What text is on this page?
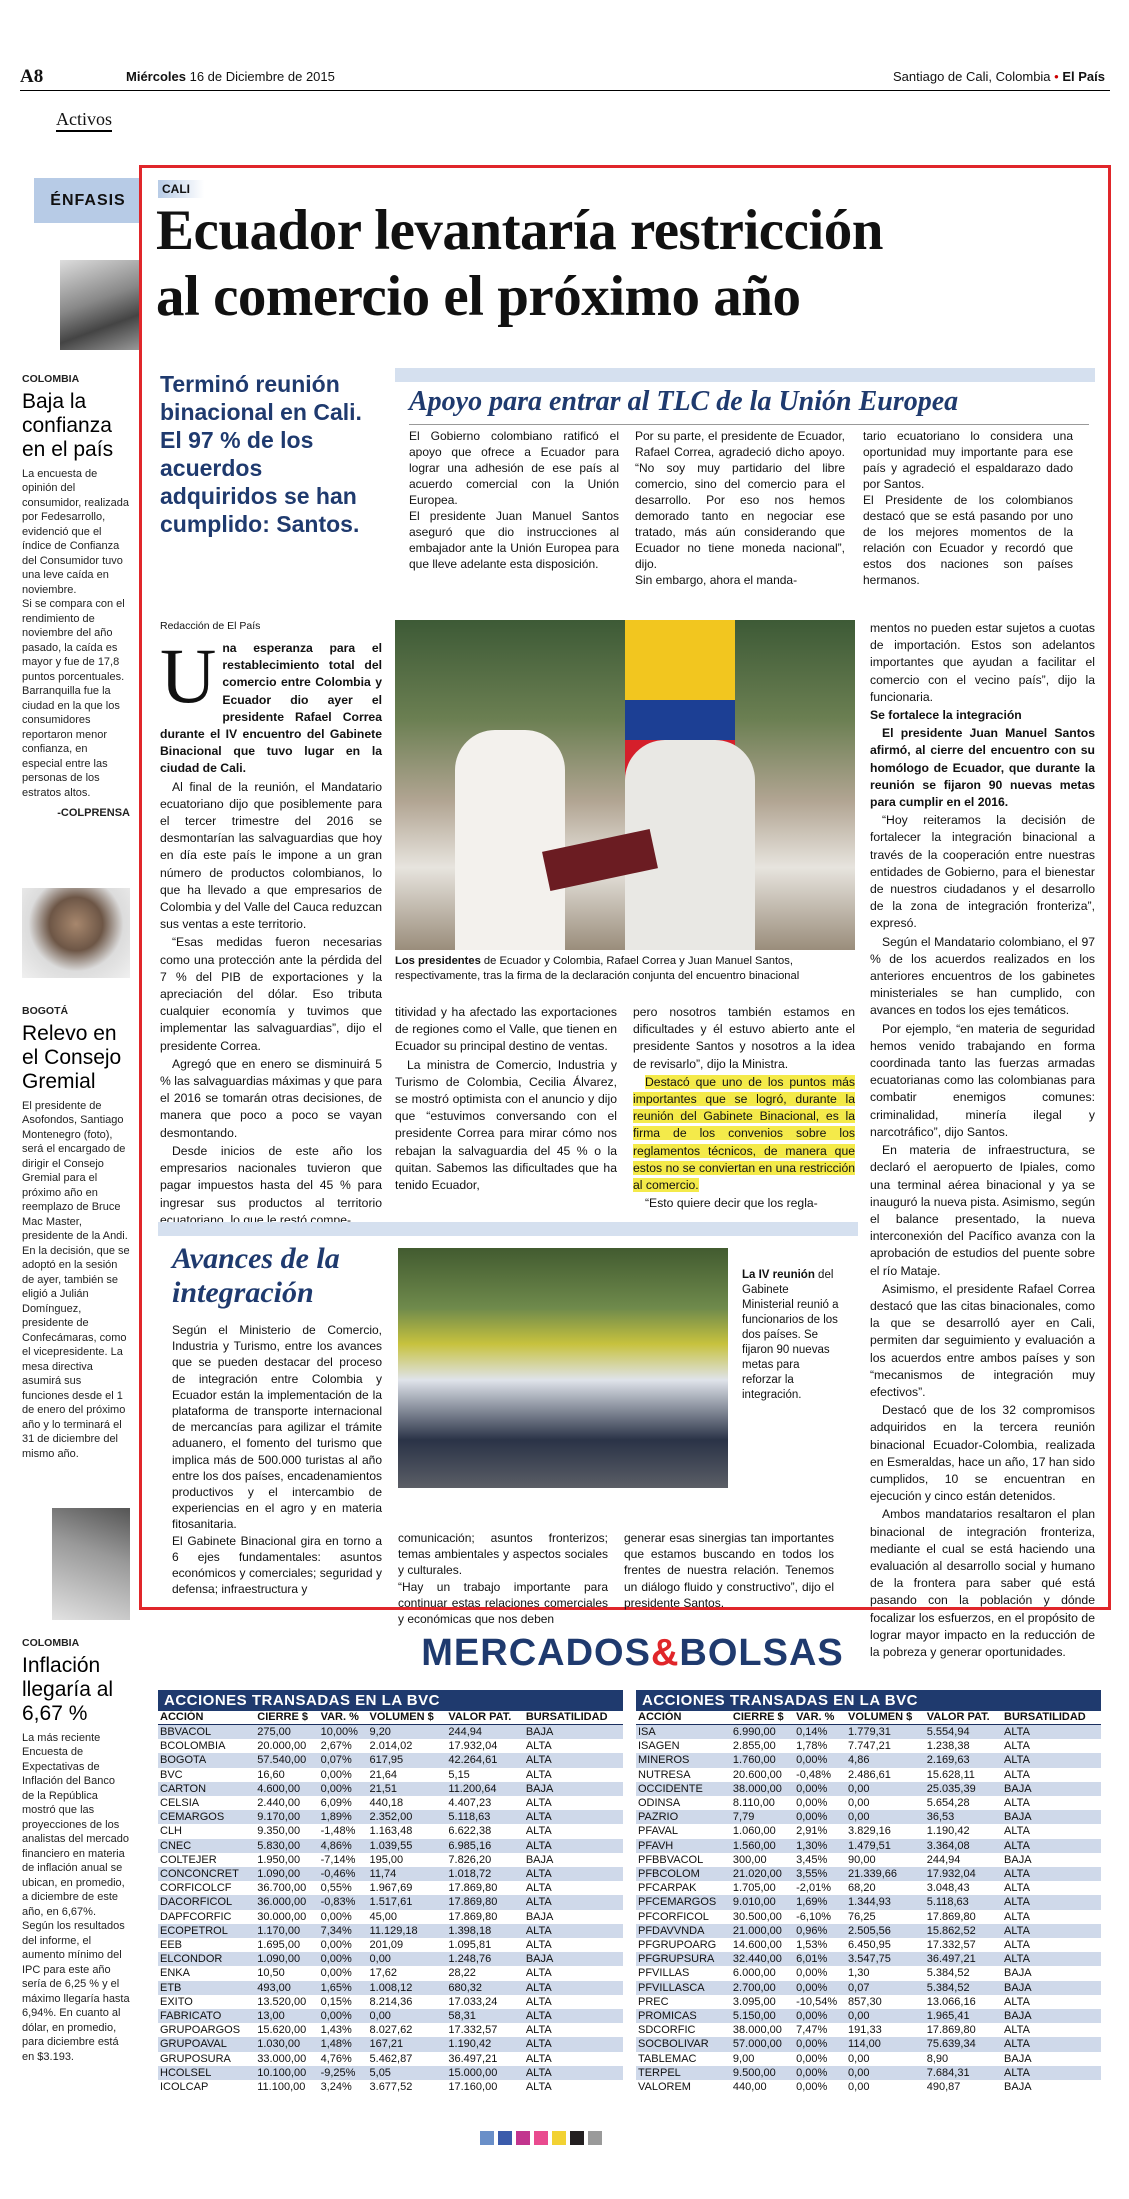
A8	Miércoles 16 de Diciembre de 2015	Santiago de Cali, Colombia • El País
Activos
ÉNFASIS
COLOMBIA
Baja la confianza en el país
La encuesta de opinión del consumidor, realizada por Fedesarrollo, evidenció que el índice de Confianza del Consumidor tuvo una leve caída en noviembre.
Si se compara con el rendimiento de noviembre del año pasado, la caída es mayor y fue de 17,8 puntos porcentuales.
Barranquilla fue la ciudad en la que los consumidores reportaron menor confianza, en especial entre las personas de los estratos altos.
-COLPRENSA
BOGOTÁ
Relevo en el Consejo Gremial
El presidente de Asofondos, Santiago Montenegro (foto), será el encargado de dirigir el Consejo Gremial para el próximo año en reemplazo de Bruce Mac Master, presidente de la Andi. En la decisión, que se adoptó en la sesión de ayer, también se eligió a Julián Domínguez, presidente de Confecámaras, como el vicepresidente. La mesa directiva asumirá sus funciones desde el 1 de enero del próximo año y lo terminará el 31 de diciembre del mismo año.
COLOMBIA
Inflación llegaría al 6,67 %
La más reciente Encuesta de Expectativas de Inflación del Banco de la República mostró que las proyecciones de los analistas del mercado financiero en materia de inflación anual se ubican, en promedio, a diciembre de este año, en 6,67%. Según los resultados del informe, el aumento mínimo del IPC para este año sería de 6,25 % y el máximo llegaría hasta 6,94%. En cuanto al dólar, en promedio, para diciembre está en $3.193.
CALI
Ecuador levantaría restricción
al comercio el próximo año
Terminó reunión binacional en Cali. El 97 % de los acuerdos adquiridos se han cumplido: Santos.
Apoyo para entrar al TLC de la Unión Europea
El Gobierno colombiano ratificó el apoyo que ofrece a Ecuador para lograr una adhesión de ese país al acuerdo comercial con la Unión Europea.
El presidente Juan Manuel Santos aseguró que dio instrucciones al embajador ante la Unión Europea para que lleve adelante esta disposición.
Por su parte, el presidente de Ecuador, Rafael Correa, agradeció dicho apoyo. “No soy muy partidario del libre comercio, sino del comercio para el desarrollo. Por eso nos hemos demorado tanto en negociar ese tratado, más aún considerando que Ecuador no tiene moneda nacional”, dijo.
Sin embargo, ahora el manda-
tario ecuatoriano lo considera una oportunidad muy importante para ese país y agradeció el espaldarazo dado por Santos.
El Presidente de los colombianos destacó que se está pasando por uno de los mejores momentos de la relación con Ecuador y recordó que estos dos naciones son países hermanos.
Redacción de El País
U na esperanza para el restablecimiento total del comercio entre Colombia y Ecuador dio ayer el presidente Rafael Correa durante el IV encuentro del Gabinete Binacional que tuvo lugar en la ciudad de Cali.

Al final de la reunión, el Mandatario ecuatoriano dijo que posiblemente para el tercer trimestre del 2016 se desmontarían las salvaguardias que hoy en día este país le impone a un gran número de productos colombianos, lo que ha llevado a que empresarios de Colombia y del Valle del Cauca reduzcan sus ventas a este territorio.

“Esas medidas fueron necesarias como una protección ante la pérdida del 7 % del PIB de exportaciones y la apreciación del dólar. Eso tributa cualquier economía y tuvimos que implementar las salvaguardias”, dijo el presidente Correa.

Agregó que en enero se disminuirá 5 % las salvaguardias máximas y que para el 2016 se tomarán otras decisiones, de manera que poco a poco se vayan desmontando.

Desde inicios de este año los empresarios nacionales tuvieron que pagar impuestos hasta del 45 % para ingresar sus productos al territorio ecuatoriano, lo que le restó compe-

JOSÉ LUIS GUZMÁN | EL PAÍS
Los presidentes de Ecuador y Colombia, Rafael Correa y Juan Manuel Santos, respectivamente, tras la firma de la declaración conjunta del encuentro binacional

titividad y ha afectado las exportaciones de regiones como el Valle, que tienen en Ecuador su principal destino de ventas.

La ministra de Comercio, Industria y Turismo de Colombia, Cecilia Álvarez, se mostró optimista con el anuncio y dijo que “estuvimos conversando con el presidente Correa para mirar cómo nos rebajan la salvaguardia del 45 % o la quitan. Sabemos las dificultades que ha tenido Ecuador,

pero nosotros también estamos en dificultades y él estuvo abierto ante el presidente Santos y nosotros a la idea de revisarlo”, dijo la Ministra.

Destacó que uno de los puntos más importantes que se logró, durante la reunión del Gabinete Binacional, es la firma de los convenios sobre los reglamentos técnicos, de manera que estos no se conviertan en una restricción al comercio.

“Esto quiere decir que los regla-

mentos no pueden estar sujetos a cuotas de importación. Estos son adelantos importantes que ayudan a facilitar el comercio con el vecino país”, dijo la funcionaria.

Se fortalece la integración

El presidente Juan Manuel Santos afirmó, al cierre del encuentro con su homólogo de Ecuador, que durante la reunión se fijaron 90 nuevas metas para cumplir en el 2016.

“Hoy reiteramos la decisión de fortalecer la integración binacional a través de la cooperación entre nuestras entidades de Gobierno, para el bienestar de nuestros ciudadanos y el desarrollo de la zona de integración fronteriza”, expresó.

Según el Mandatario colombiano, el 97 % de los acuerdos realizados en los anteriores encuentros de los gabinetes ministeriales se han cumplido, con avances en todos los ejes temáticos.

Por ejemplo, “en materia de seguridad hemos venido trabajando en forma coordinada tanto las fuerzas armadas ecuatorianas como las colombianas para combatir enemigos comunes: criminalidad, minería ilegal y narcotráfico”, dijo Santos.

En materia de infraestructura, se declaró el aeropuerto de Ipiales, como una terminal aérea binacional y ya se inauguró la nueva pista. Asimismo, según el balance presentado, la nueva interconexión del Pacífico avanza con la aprobación de estudios del puente sobre el río Mataje.

Asimismo, el presidente Rafael Correa destacó que las citas binacionales, como la que se desarrolló ayer en Cali, permiten dar seguimiento y evaluación a los acuerdos entre ambos países y son “mecanismos de integración muy efectivos”.

Destacó que de los 32 compromisos adquiridos en la tercera reunión binacional Ecuador-Colombia, realizada en Esmeraldas, hace un año, 17 han sido cumplidos, 10 se encuentran en ejecución y cinco están detenidos.

Ambos mandatarios resaltaron el plan binacional de integración fronteriza, mediante el cual se está haciendo una evaluación al desarrollo social y humano de la frontera para saber qué está pasando con la población y dónde focalizar los esfuerzos, en el propósito de lograr mayor impacto en la reducción de la pobreza y generar oportunidades.

Avances de la
integración
Según el Ministerio de Comercio, Industria y Turismo, entre los avances que se pueden destacar del proceso de integración entre Colombia y Ecuador están la implementación de la plataforma de transporte internacional de mercancías para agilizar el trámite aduanero, el fomento del turismo que implica más de 500.000 turistas al año entre los dos países, encadenamientos productivos y el intercambio de experiencias en el agro y en materia fitosanitaria.
El Gabinete Binacional gira en torno a 6 ejes fundamentales: asuntos económicos y comerciales; seguridad y defensa; infraestructura y
JOSÉ LUIS GUZMÁN | EL PAÍS
La IV reunión del Gabinete Ministerial reunió a funcionarios de los dos países. Se fijaron 90 nuevas metas para reforzar la integración.
comunicación; asuntos fronterizos; temas ambientales y aspectos sociales y culturales.
“Hay un trabajo importante para continuar estas relaciones comerciales y económicas que nos deben
generar esas sinergias tan importantes que estamos buscando en todos los frentes de nuestra relación. Tenemos un diálogo fluido y constructivo”, dijo el presidente Santos.
MERCADOS&BOLSAS
ACCIONES TRANSADAS EN LA BVC
ACCIÓN	CIERRE $	VAR. %	VOLUMEN $	VALOR PAT.	BURSATILIDAD
BBVACOL	275,00	10,00%	9,20	244,94	BAJA
BCOLOMBIA	20.000,00	2,67%	2.014,02	17.932,04	ALTA
BOGOTA	57.540,00	0,07%	617,95	42.264,61	ALTA
BVC	16,60	0,00%	21,64	5,15	ALTA
CARTON	4.600,00	0,00%	21,51	11.200,64	BAJA
CELSIA	2.440,00	6,09%	440,18	4.407,23	ALTA
CEMARGOS	9.170,00	1,89%	2.352,00	5.118,63	ALTA
CLH	9.350,00	-1,48%	1.163,48	6.622,38	ALTA
CNEC	5.830,00	4,86%	1.039,55	6.985,16	ALTA
COLTEJER	1.950,00	-7,14%	195,00	7.826,20	BAJA
CONCONCRET	1.090,00	-0,46%	11,74	1.018,72	ALTA
CORFICOLCF	36.700,00	0,55%	1.967,69	17.869,80	ALTA
DACORFICOL	36.000,00	-0,83%	1.517,61	17.869,80	ALTA
DAPFCORFIC	30.000,00	0,00%	45,00	17.869,80	BAJA
ECOPETROL	1.170,00	7,34%	11.129,18	1.398,18	ALTA
EEB	1.695,00	0,00%	201,09	1.095,81	ALTA
ELCONDOR	1.090,00	0,00%	0,00	1.248,76	BAJA
ENKA	10,50	0,00%	17,62	28,22	ALTA
ETB	493,00	1,65%	1.008,12	680,32	ALTA
EXITO	13.520,00	0,15%	8.214,36	17.033,24	ALTA
FABRICATO	13,00	0,00%	0,00	58,31	ALTA
GRUPOARGOS	15.620,00	1,43%	8.027,62	17.332,57	ALTA
GRUPOAVAL	1.030,00	1,48%	167,21	1.190,42	ALTA
GRUPOSURA	33.000,00	4,76%	5.462,87	36.497,21	ALTA
HCOLSEL	10.100,00	-9,25%	5,05	15.000,00	ALTA
ICOLCAP	11.100,00	3,24%	3.677,52	17.160,00	ALTA
ACCIONES TRANSADAS EN LA BVC
ACCIÓN	CIERRE $	VAR. %	VOLUMEN $	VALOR PAT.	BURSATILIDAD
ISA	6.990,00	0,14%	1.779,31	5.554,94	ALTA
ISAGEN	2.855,00	1,78%	7.747,21	1.238,38	ALTA
MINEROS	1.760,00	0,00%	4,86	2.169,63	ALTA
NUTRESA	20.600,00	-0,48%	2.486,61	15.628,11	ALTA
OCCIDENTE	38.000,00	0,00%	0,00	25.035,39	BAJA
ODINSA	8.110,00	0,00%	0,00	5.654,28	ALTA
PAZRIO	7,79	0,00%	0,00	36,53	BAJA
PFAVAL	1.060,00	2,91%	3.829,16	1.190,42	ALTA
PFAVH	1.560,00	1,30%	1.479,51	3.364,08	ALTA
PFBBVACOL	300,00	3,45%	90,00	244,94	BAJA
PFBCOLOM	21.020,00	3,55%	21.339,66	17.932,04	ALTA
PFCARPAK	1.705,00	-2,01%	68,20	3.048,43	ALTA
PFCEMARGOS	9.010,00	1,69%	1.344,93	5.118,63	ALTA
PFCORFICOL	30.500,00	-6,10%	76,25	17.869,80	ALTA
PFDAVVNDA	21.000,00	0,96%	2.505,56	15.862,52	ALTA
PFGRUPOARG	14.600,00	1,53%	6.450,95	17.332,57	ALTA
PFGRUPSURA	32.440,00	6,01%	3.547,75	36.497,21	ALTA
PFVILLAS	6.000,00	0,00%	1,30	5.384,52	BAJA
PFVILLASCA	2.700,00	0,00%	0,07	5.384,52	BAJA
PREC	3.095,00	-10,54%	857,30	13.066,16	ALTA
PROMICAS	5.150,00	0,00%	0,00	1.965,41	BAJA
SDCORFIC	38.000,00	7,47%	191,33	17.869,80	ALTA
SOCBOLIVAR	57.000,00	0,00%	114,00	75.639,34	ALTA
TABLEMAC	9,00	0,00%	0,00	8,90	BAJA
TERPEL	9.500,00	0,00%	0,00	7.684,31	ALTA
VALOREM	440,00	0,00%	0,00	490,87	BAJA
